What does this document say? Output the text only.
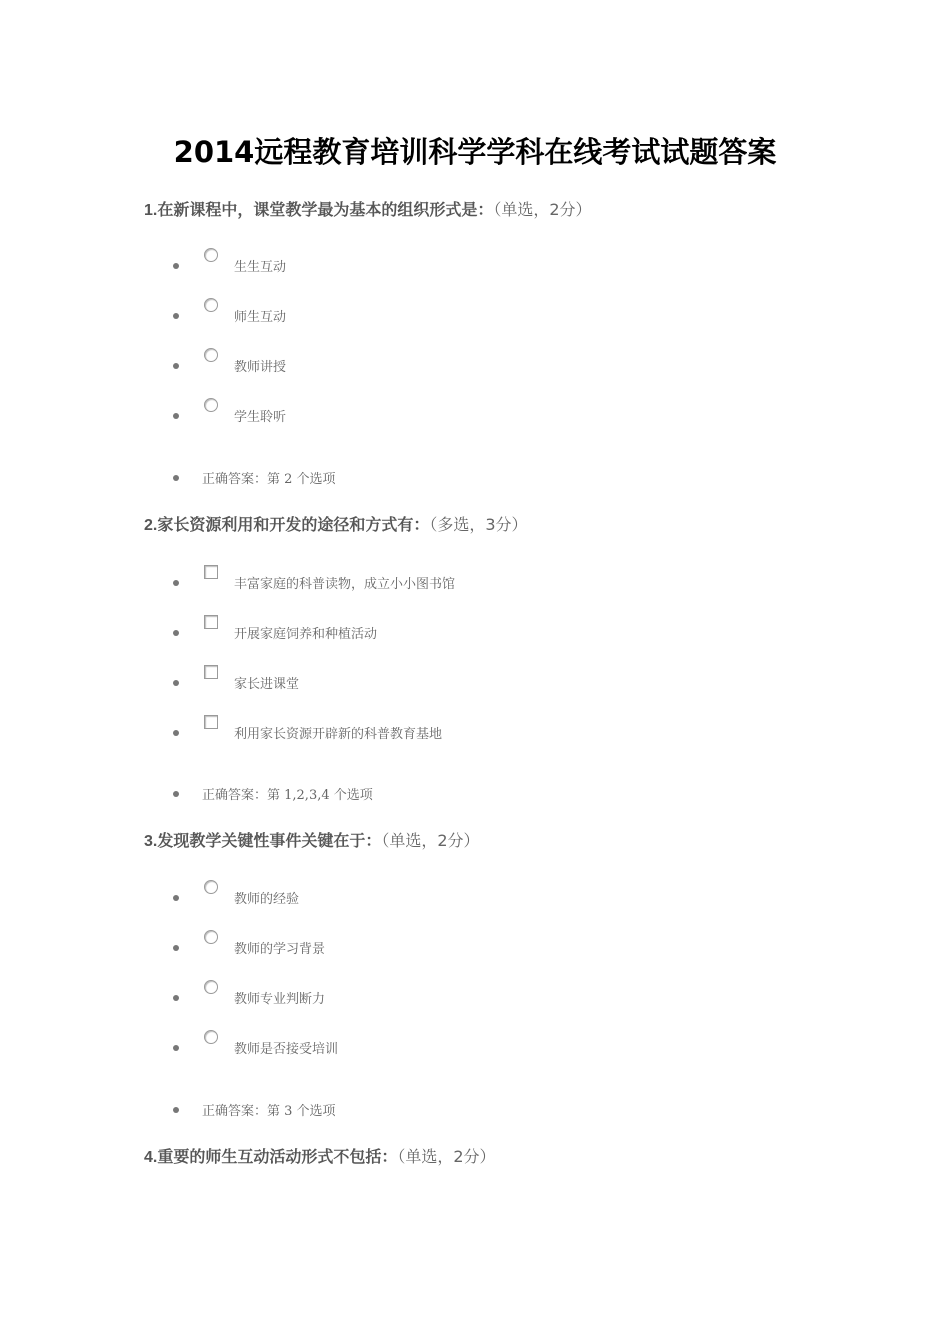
2014远程教育培训科学学科在线考试试题答案
1.在新课程中，课堂教学最为基本的组织形式是：（单选，2分）
生生互动
师生互动
教师讲授
学生聆听
正确答案：第 2 个选项
2.家长资源利用和开发的途径和方式有：（多选，3分）
丰富家庭的科普读物，成立小小图书馆
开展家庭饲养和种植活动
家长进课堂
利用家长资源开辟新的科普教育基地
正确答案：第 1,2,3,4 个选项
3.发现教学关键性事件关键在于：（单选，2分）
教师的经验
教师的学习背景
教师专业判断力
教师是否接受培训
正确答案：第 3 个选项
4.重要的师生互动活动形式不包括：（单选，2分）
